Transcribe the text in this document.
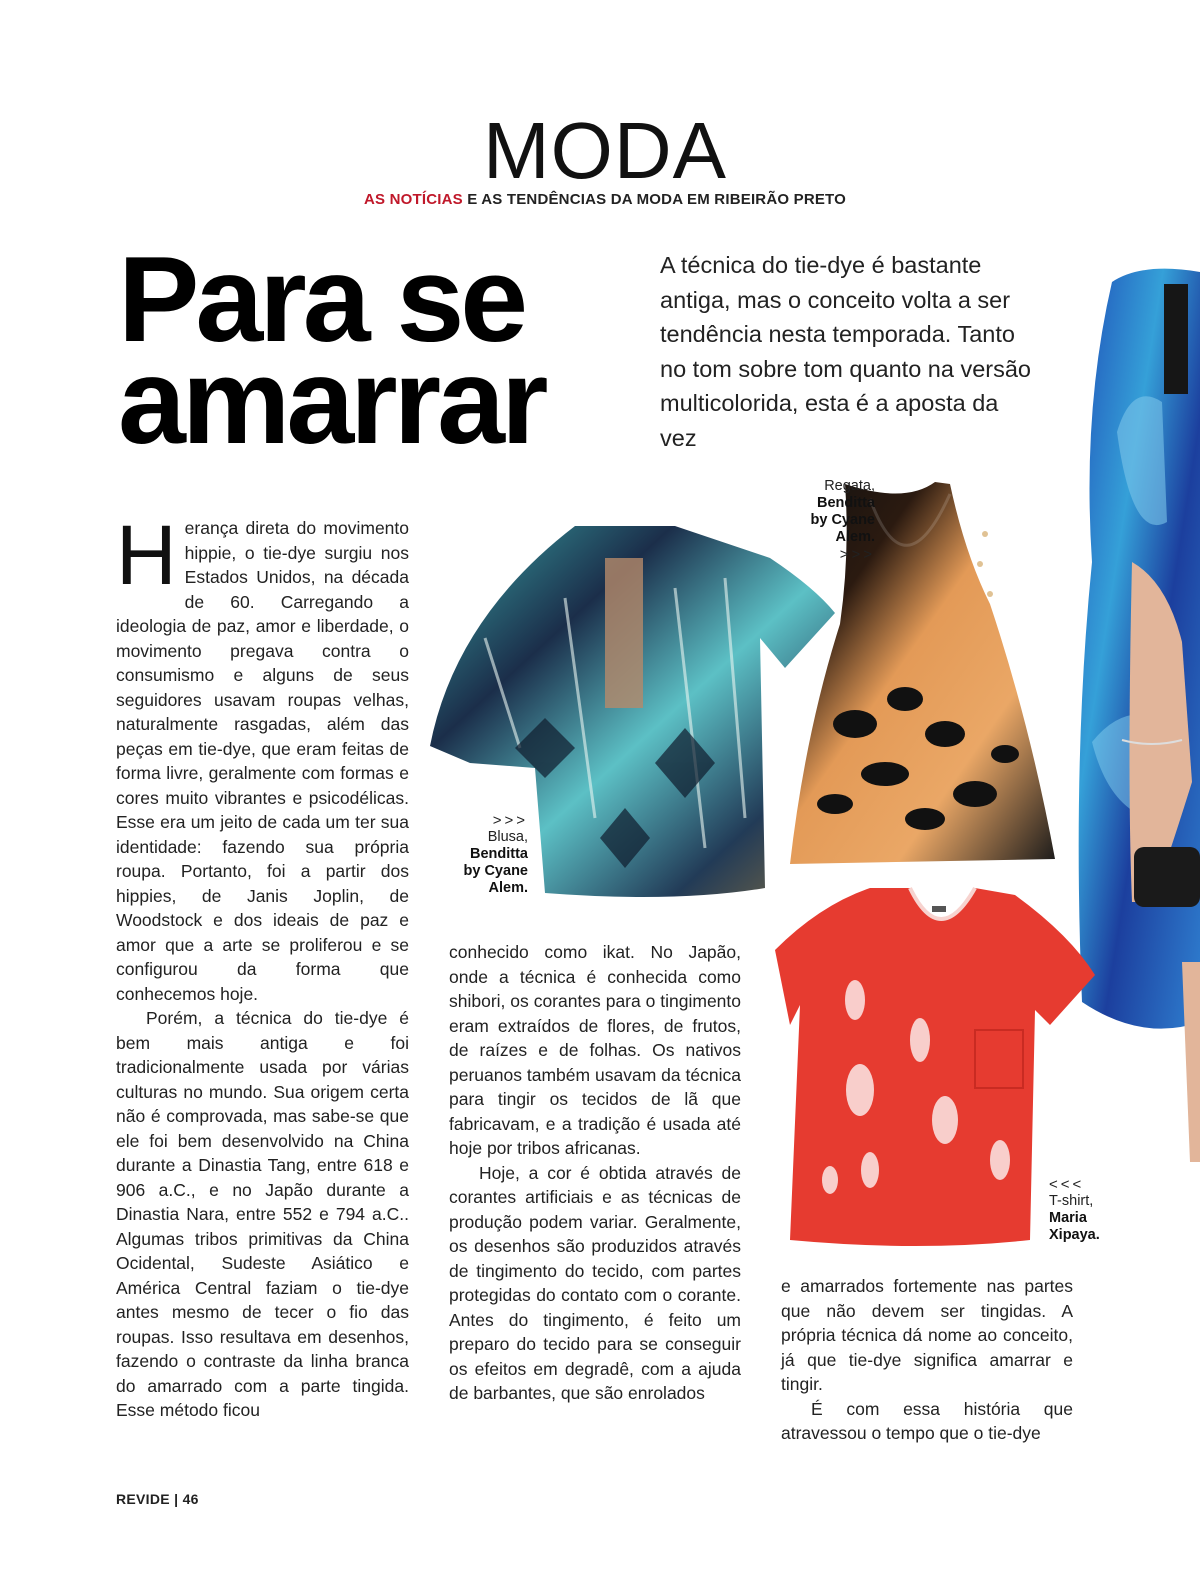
MODA
AS NOTÍCIAS E AS TENDÊNCIAS DA MODA EM RIBEIRÃO PRETO
Para se
amarrar
A técnica do tie-dye é bastante antiga, mas o conceito volta a ser tendência nesta temporada. Tanto no tom sobre tom quanto na versão multicolorida, esta é a aposta da vez
Regata,
Benditta
by Cyane
Alem.
>>>
>>>
Blusa,
Benditta
by Cyane
Alem.
<<<
T-shirt,
Maria
Xipaya.

Herança direta do movimento hippie, o tie-dye surgiu nos Estados Unidos, na década de 60. Carregando a ideologia de paz, amor e liberdade, o movimento pregava contra o consumismo e alguns de seus seguidores usavam roupas velhas, naturalmente rasgadas, além das peças em tie-dye, que eram feitas de forma livre, geralmente com formas e cores muito vibrantes e psicodélicas. Esse era um jeito de cada um ter sua identidade: fazendo sua própria roupa. Portanto, foi a partir dos hippies, de Janis Joplin, de Woodstock e dos ideais de paz e amor que a arte se proliferou e se configurou da forma que conhecemos hoje.

Porém, a técnica do tie-dye é bem mais antiga e foi tradicionalmente usada por várias culturas no mundo. Sua origem certa não é comprovada, mas sabe-se que ele foi bem desenvolvido na China durante a Dinastia Tang, entre 618 e 906 a.C., e no Japão durante a Dinastia Nara, entre 552 e 794 a.C.. Algumas tribos primitivas da China Ocidental, Sudeste Asiático e América Central faziam o tie-dye antes mesmo de tecer o fio das roupas. Isso resultava em desenhos, fazendo o contraste da linha branca do amarrado com a parte tingida. Esse método ficou

conhecido como ikat. No Japão, onde a técnica é conhecida como shibori, os corantes para o tingimento eram extraídos de flores, de frutos, de raízes e de folhas. Os nativos peruanos também usavam da técnica para tingir os tecidos de lã que fabricavam, e a tradição é usada até hoje por tribos africanas.

Hoje, a cor é obtida através de corantes artificiais e as técnicas de produção podem variar. Geralmente, os desenhos são produzidos através de tingimento do tecido, com partes protegidas do contato com o corante. Antes do tingimento, é feito um preparo do tecido para se conseguir os efeitos em degradê, com a ajuda de barbantes, que são enrolados

e amarrados fortemente nas partes que não devem ser tingidas. A própria técnica dá nome ao conceito, já que tie-dye significa amarrar e tingir.

É com essa história que atravessou o tempo que o tie-dye

REVIDE | 46
